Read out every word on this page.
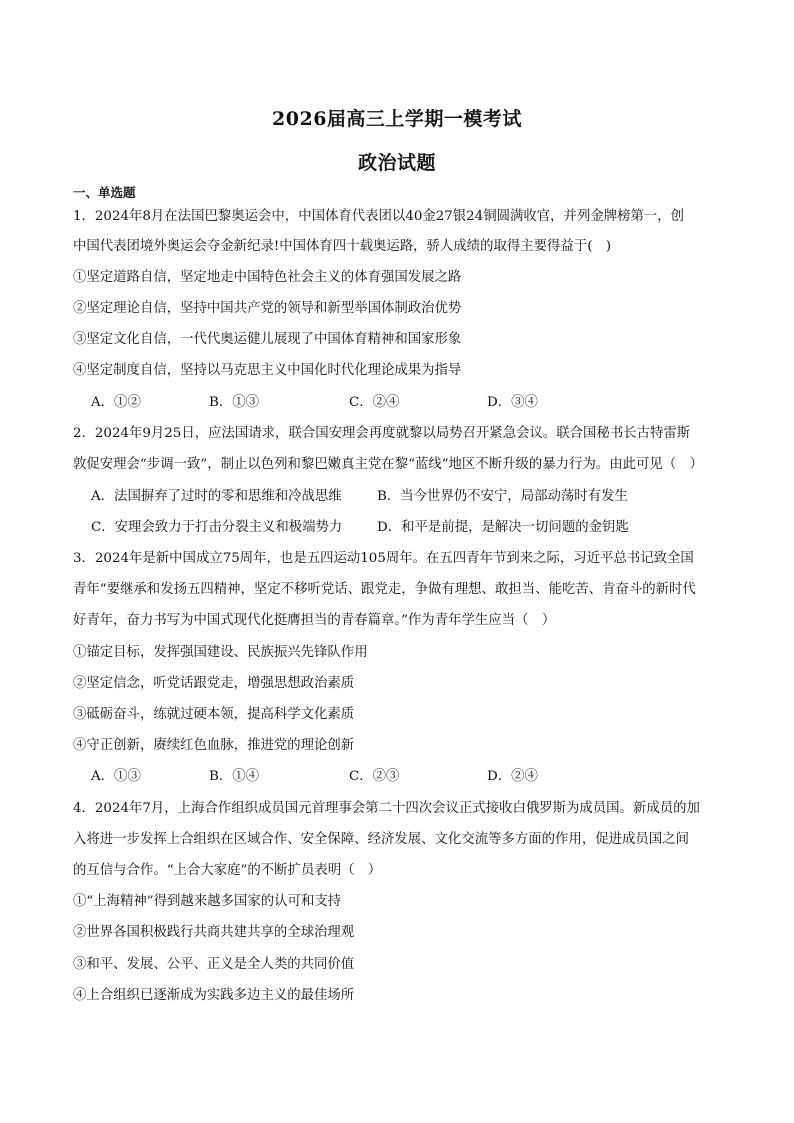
2026届高三上学期一模考试
政治试题
一、单选题
1．2024年8月在法国巴黎奥运会中，中国体育代表团以40金27银24铜圆满收官，并列金牌榜第一，创
中国代表团境外奥运会夺金新纪录!中国体育四十载奥运路，骄人成绩的取得主要得益于(　)
①坚定道路自信，坚定地走中国特色社会主义的体育强国发展之路
②坚定理论自信，坚持中国共产党的领导和新型举国体制政治优势
③坚定文化自信，一代代奥运健儿展现了中国体育精神和国家形象
④坚定制度自信，坚持以马克思主义中国化时代化理论成果为指导
A．①②	B．①③	C．②④	D．③④
2．2024年9月25日，应法国请求，联合国安理会再度就黎以局势召开紧急会议。联合国秘书长古特雷斯
敦促安理会“步调一致”，制止以色列和黎巴嫩真主党在黎“蓝线”地区不断升级的暴力行为。由此可见（　）
A．法国摒弃了过时的零和思维和冷战思维	B．当今世界仍不安宁，局部动荡时有发生
C．安理会致力于打击分裂主义和极端势力	D．和平是前提，是解决一切问题的金钥匙
3．2024年是新中国成立75周年，也是五四运动105周年。在五四青年节到来之际，习近平总书记致全国
青年“要继承和发扬五四精神，坚定不移听党话、跟党走，争做有理想、敢担当、能吃苦、肯奋斗的新时代
好青年，奋力书写为中国式现代化挺膺担当的青春篇章。”作为青年学生应当（　）
①锚定目标，发挥强国建设、民族振兴先锋队作用
②坚定信念，听党话跟党走，增强思想政治素质
③砥砺奋斗，练就过硬本领，提高科学文化素质
④守正创新，赓续红色血脉，推进党的理论创新
A．①③	B．①④	C．②③	D．②④
4．2024年7月，上海合作组织成员国元首理事会第二十四次会议正式接收白俄罗斯为成员国。新成员的加
入将进一步发挥上合组织在区域合作、安全保障、经济发展、文化交流等多方面的作用，促进成员国之间
的互信与合作。“上合大家庭”的不断扩员表明（　）
①“上海精神”得到越来越多国家的认可和支持
②世界各国积极践行共商共建共享的全球治理观
③和平、发展、公平、正义是全人类的共同价值
④上合组织已逐渐成为实践多边主义的最佳场所
